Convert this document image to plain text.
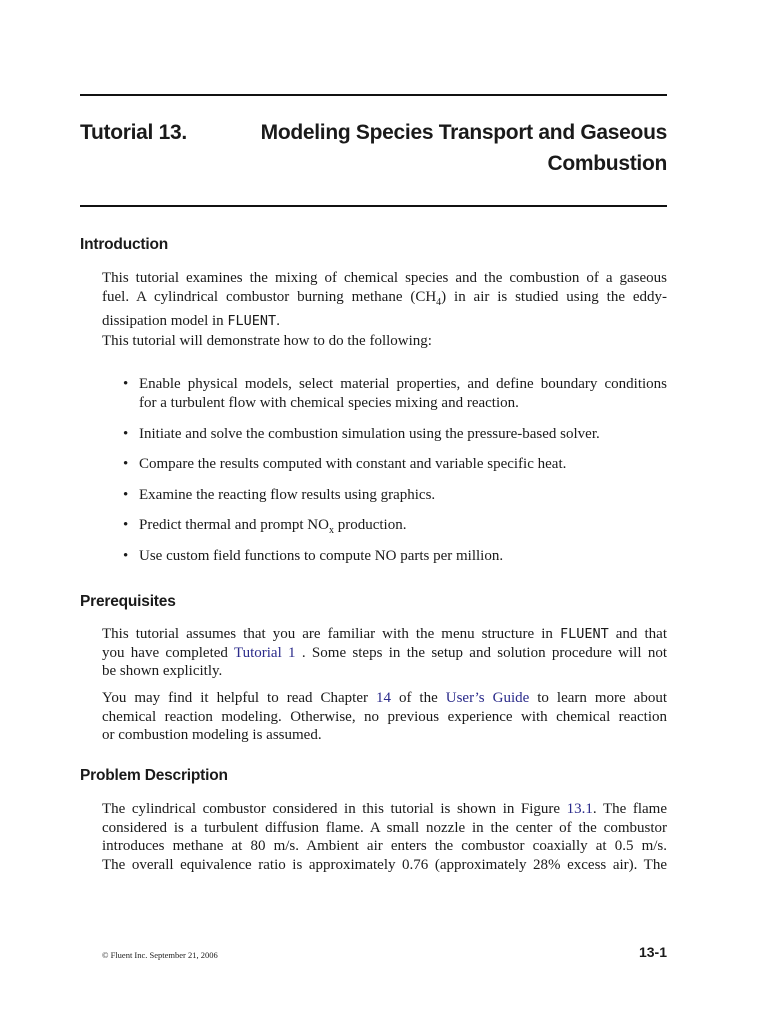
Tutorial 13.	Modeling Species Transport and Gaseous
Combustion
Introduction
This tutorial examines the mixing of chemical species and the combustion of a gaseous
fuel. A cylindrical combustor burning methane $(CH_4)$ in air is studied using the eddy-
dissipation model in FLUENT.
This tutorial will demonstrate how to do the following:
• Enable physical models, select material properties, and define boundary conditions
for a turbulent flow with chemical species mixing and reaction.
• Initiate and solve the combustion simulation using the pressure-based solver.
• Compare the results computed with constant and variable specific heat.
• Examine the reacting flow results using graphics.
• Predict thermal and prompt $NO_x$ production.
• Use custom field functions to compute NO parts per million.
Prerequisites
This tutorial assumes that you are familiar with the menu structure in FLUENT and that
you have completed Tutorial 1 . Some steps in the setup and solution procedure will not
be shown explicitly.
You may find it helpful to read Chapter 14 of the User’s Guide to learn more about
chemical reaction modeling. Otherwise, no previous experience with chemical reaction
or combustion modeling is assumed.
Problem Description
The cylindrical combustor considered in this tutorial is shown in Figure 13.1. The flame
considered is a turbulent diffusion flame. A small nozzle in the center of the combustor
introduces methane at 80 m/s. Ambient air enters the combustor coaxially at 0.5 m/s.
The overall equivalence ratio is approximately 0.76 (approximately 28% excess air). The
© Fluent Inc. September 21, 2006	13-1
